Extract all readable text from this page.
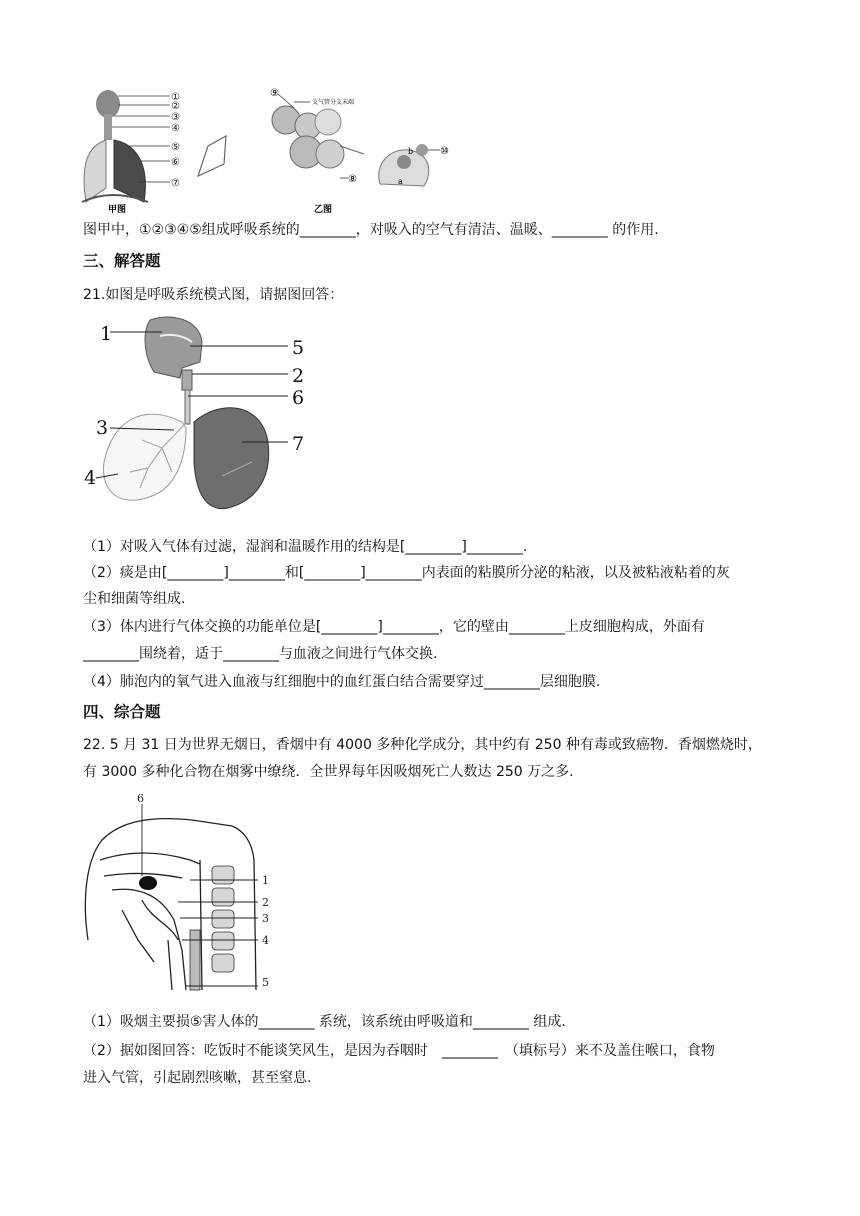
①
②
③
④
⑤
⑥
⑦
甲图
⑨
支气管分支末端
⑧
⑩
a
b
乙图
图甲中，①②③④⑤组成呼吸系统的________，对吸入的空气有清洁、温暖、________ 的作用.
三、解答题
21.如图是呼吸系统模式图，请据图回答：
1
5
2
6
3
7
4
（1）对吸入气体有过滤，湿润和温暖作用的结构是[________]________.
（2）痰是由[________]________和[________]________内表面的粘膜所分泌的粘液，以及被粘液粘着的灰
尘和细菌等组成.
（3）体内进行气体交换的功能单位是[________]________，它的壁由________上皮细胞构成，外面有
________围绕着，适于________与血液之间进行气体交换.
（4）肺泡内的氧气进入血液与红细胞中的血红蛋白结合需要穿过________层细胞膜.
四、综合题
22. 5 月 31 日为世界无烟日，香烟中有 4000 多种化学成分，其中约有 250 种有毒或致癌物．香烟燃烧时，
有 3000 多种化合物在烟雾中缭绕．全世界每年因吸烟死亡人数达 250 万之多.
6
1
2
3
4
5
（1）吸烟主要损⑤害人体的________ 系统，该系统由呼吸道和________ 组成.
（2）据如图回答：吃饭时不能谈笑风生，是因为吞咽时　________　（填标号）来不及盖住喉口，食物
进入气管，引起剧烈咳嗽，甚至窒息.
